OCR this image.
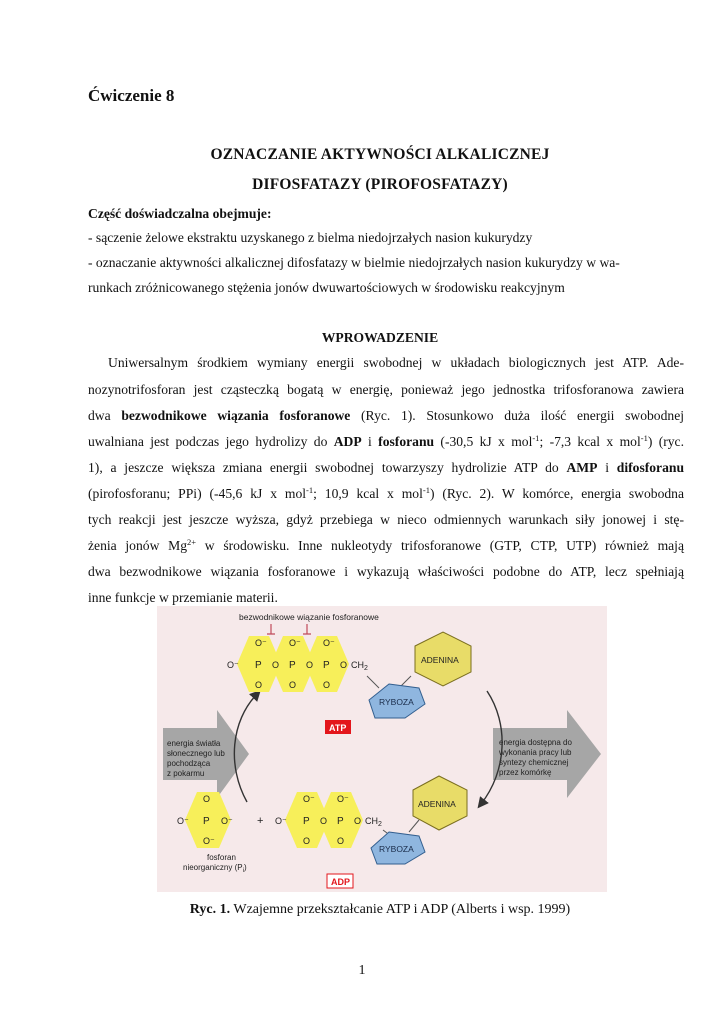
Ćwiczenie 8
OZNACZANIE AKTYWNOŚCI ALKALICZNEJ
DIFOSFATAZY (PIROFOSFATAZY)
Część doświadczalna obejmuje:
- sączenie żelowe ekstraktu uzyskanego z bielma niedojrzałych nasion kukurydzy
- oznaczanie aktywności alkalicznej difosfatazy w bielmie niedojrzałych nasion kukurydzy w wa-
runkach zróżnicowanego stężenia jonów dwuwartościowych w środowisku reakcyjnym
WPROWADZENIE
Uniwersalnym środkiem wymiany energii swobodnej w układach biologicznych jest ATP. Ade-
nozynotrifosforan jest cząsteczką bogatą w energię, ponieważ jego jednostka trifosforanowa zawiera
dwa bezwodnikowe wiązania fosforanowe (Ryc. 1). Stosunkowo duża ilość energii swobodnej
uwalniana jest podczas jego hydrolizy do ADP i fosforanu (-30,5 kJ x mol$^{-1}$; -7,3 kcal x mol$^{-1}$) (ryc.
1), a jeszcze większa zmiana energii swobodnej towarzyszy hydrolizie ATP do AMP i difosforanu
(pirofosforanu; PPi) (-45,6 kJ x mol$^{-1}$; 10,9 kcal x mol$^{-1}$) (Ryc. 2). W komórce, energia swobodna
tych reakcji jest jeszcze wyższa, gdyż przebiega w nieco odmiennych warunkach siły jonowej i stę-
żenia jonów $Mg^{2+}$ w środowisku. Inne nukleotydy trifosforanowe (GTP, CTP, UTP) również mają
dwa bezwodnikowe wiązania fosforanowe i wykazują właściwości podobne do ATP, lecz spełniają
inne funkcje w przemianie materii.
energia światła słonecznego lub pochodząca z pokarmu
energia dostępna do wykonania pracy lub syntezy chemicznej przez komórkę
bezwodnikowe wiązanie fosforanowe
O⁻ O⁻ O⁻
O⁻ P	P	P
O	O	O
O	O	O
$CH_2$
ADENINA
RYBOZA
ATP
O O⁻	O⁻ O⁻
P	+
fosforan nieorganiczny $(P_i)$
O⁻ O⁻ O⁻	P	P
O	O O	O
$CH_2$
ADENINA
RYBOZA
ADP
Ryc. 1. Wzajemne przekształcanie ATP i ADP (Alberts i wsp. 1999)
1
